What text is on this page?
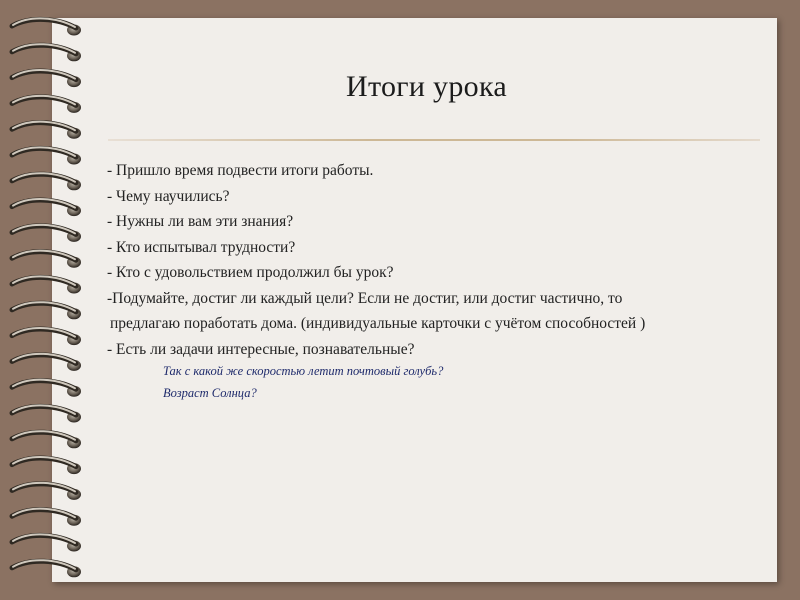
Итоги урока
- Пришло время подвести итоги работы.
- Чему научились?
- Нужны ли вам эти знания?
- Кто испытывал трудности?
- Кто с удовольствием продолжил бы урок?
-Подумайте, достиг ли каждый цели? Если не достиг, или достиг частично, то
предлагаю поработать дома. (индивидуальные карточки с учётом способностей )
- Есть ли задачи интересные, познавательные?
Так с какой же скоростью летит почтовый голубь?
Возраст Солнца?
